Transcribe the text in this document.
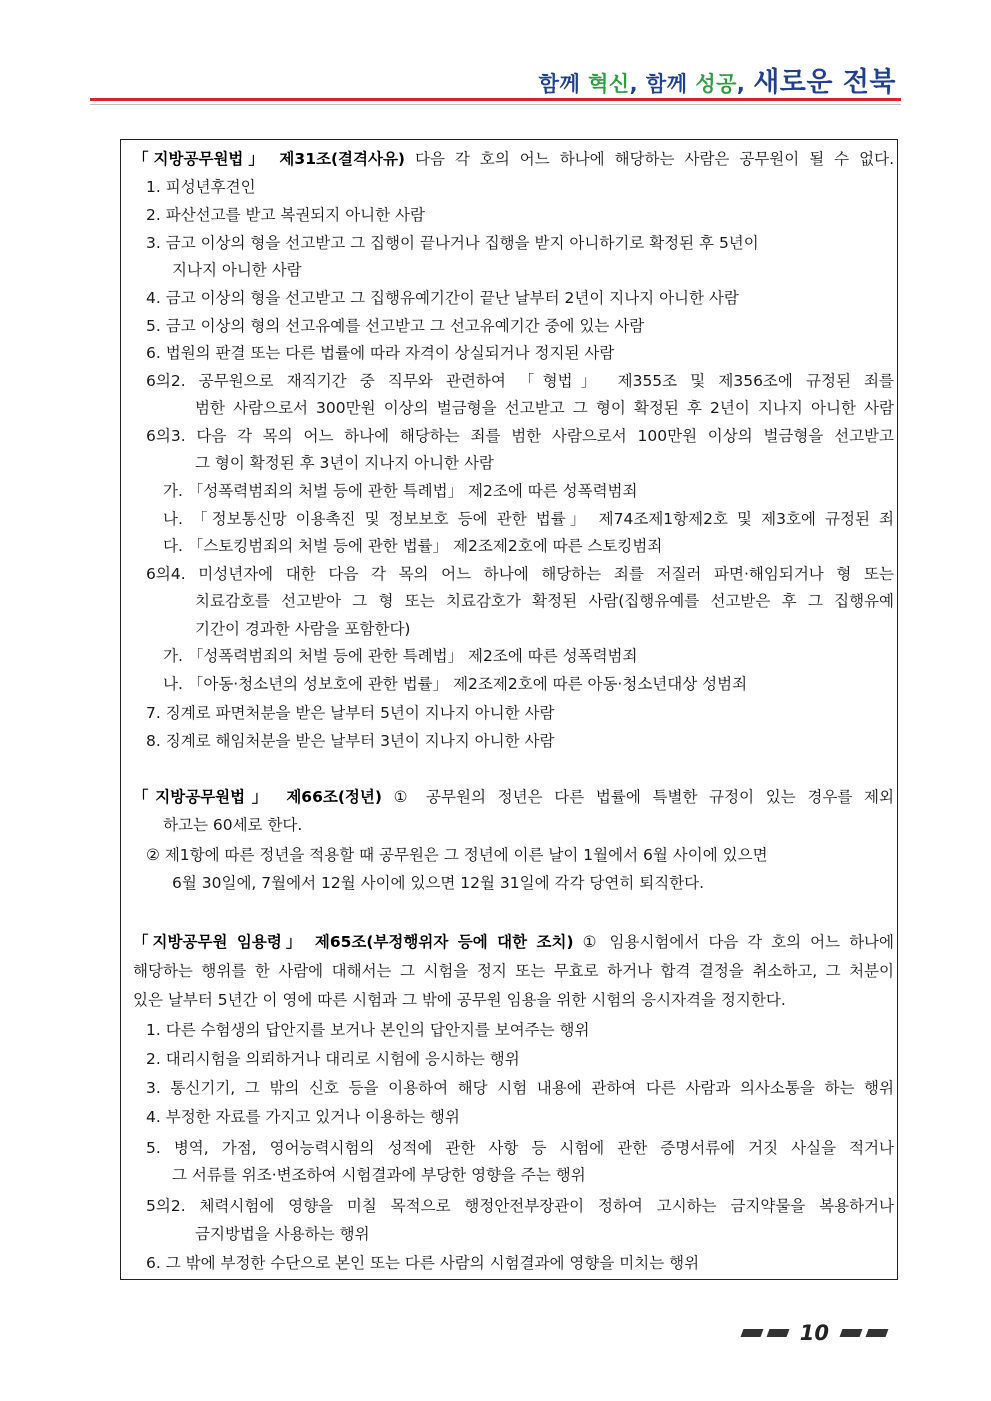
함께 혁신, 함께 성공, 새로운 전북
「지방공무원법」 제31조(결격사유) 다음 각 호의 어느 하나에 해당하는 사람은 공무원이 될 수 없다.
1. 피성년후견인
2. 파산선고를 받고 복권되지 아니한 사람
3. 금고 이상의 형을 선고받고 그 집행이 끝나거나 집행을 받지 아니하기로 확정된 후 5년이
지나지 아니한 사람
4. 금고 이상의 형을 선고받고 그 집행유예기간이 끝난 날부터 2년이 지나지 아니한 사람
5. 금고 이상의 형의 선고유예를 선고받고 그 선고유예기간 중에 있는 사람
6. 법원의 판결 또는 다른 법률에 따라 자격이 상실되거나 정지된 사람
6의2. 공무원으로 재직기간 중 직무와 관련하여 「형법」 제355조 및 제356조에 규정된 죄를
범한 사람으로서 300만원 이상의 벌금형을 선고받고 그 형이 확정된 후 2년이 지나지 아니한 사람
6의3. 다음 각 목의 어느 하나에 해당하는 죄를 범한 사람으로서 100만원 이상의 벌금형을 선고받고
그 형이 확정된 후 3년이 지나지 아니한 사람
가. 「성폭력범죄의 처벌 등에 관한 특례법」 제2조에 따른 성폭력범죄
나. 「정보통신망 이용촉진 및 정보보호 등에 관한 법률」 제74조제1항제2호 및 제3호에 규정된 죄
다. 「스토킹범죄의 처벌 등에 관한 법률」 제2조제2호에 따른 스토킹범죄
6의4. 미성년자에 대한 다음 각 목의 어느 하나에 해당하는 죄를 저질러 파면·해임되거나 형 또는
치료감호를 선고받아 그 형 또는 치료감호가 확정된 사람(집행유예를 선고받은 후 그 집행유예
기간이 경과한 사람을 포함한다)
가. 「성폭력범죄의 처벌 등에 관한 특례법」 제2조에 따른 성폭력범죄
나. 「아동·청소년의 성보호에 관한 법률」 제2조제2호에 따른 아동·청소년대상 성범죄
7. 징계로 파면처분을 받은 날부터 5년이 지나지 아니한 사람
8. 징계로 해임처분을 받은 날부터 3년이 지나지 아니한 사람
「지방공무원법」 제66조(정년) ① 공무원의 정년은 다른 법률에 특별한 규정이 있는 경우를 제외
하고는 60세로 한다.
② 제1항에 따른 정년을 적용할 때 공무원은 그 정년에 이른 날이 1월에서 6월 사이에 있으면
6월 30일에, 7월에서 12월 사이에 있으면 12월 31일에 각각 당연히 퇴직한다.
「지방공무원 임용령」 제65조(부정행위자 등에 대한 조치) ① 임용시험에서 다음 각 호의 어느 하나에
해당하는 행위를 한 사람에 대해서는 그 시험을 정지 또는 무효로 하거나 합격 결정을 취소하고, 그 처분이
있은 날부터 5년간 이 영에 따른 시험과 그 밖에 공무원 임용을 위한 시험의 응시자격을 정지한다.
1. 다른 수험생의 답안지를 보거나 본인의 답안지를 보여주는 행위
2. 대리시험을 의뢰하거나 대리로 시험에 응시하는 행위
3. 통신기기, 그 밖의 신호 등을 이용하여 해당 시험 내용에 관하여 다른 사람과 의사소통을 하는 행위
4. 부정한 자료를 가지고 있거나 이용하는 행위
5. 병역, 가점, 영어능력시험의 성적에 관한 사항 등 시험에 관한 증명서류에 거짓 사실을 적거나
그 서류를 위조·변조하여 시험결과에 부당한 영향을 주는 행위
5의2. 체력시험에 영향을 미칠 목적으로 행정안전부장관이 정하여 고시하는 금지약물을 복용하거나
금지방법을 사용하는 행위
6. 그 밖에 부정한 수단으로 본인 또는 다른 사람의 시험결과에 영향을 미치는 행위
10
